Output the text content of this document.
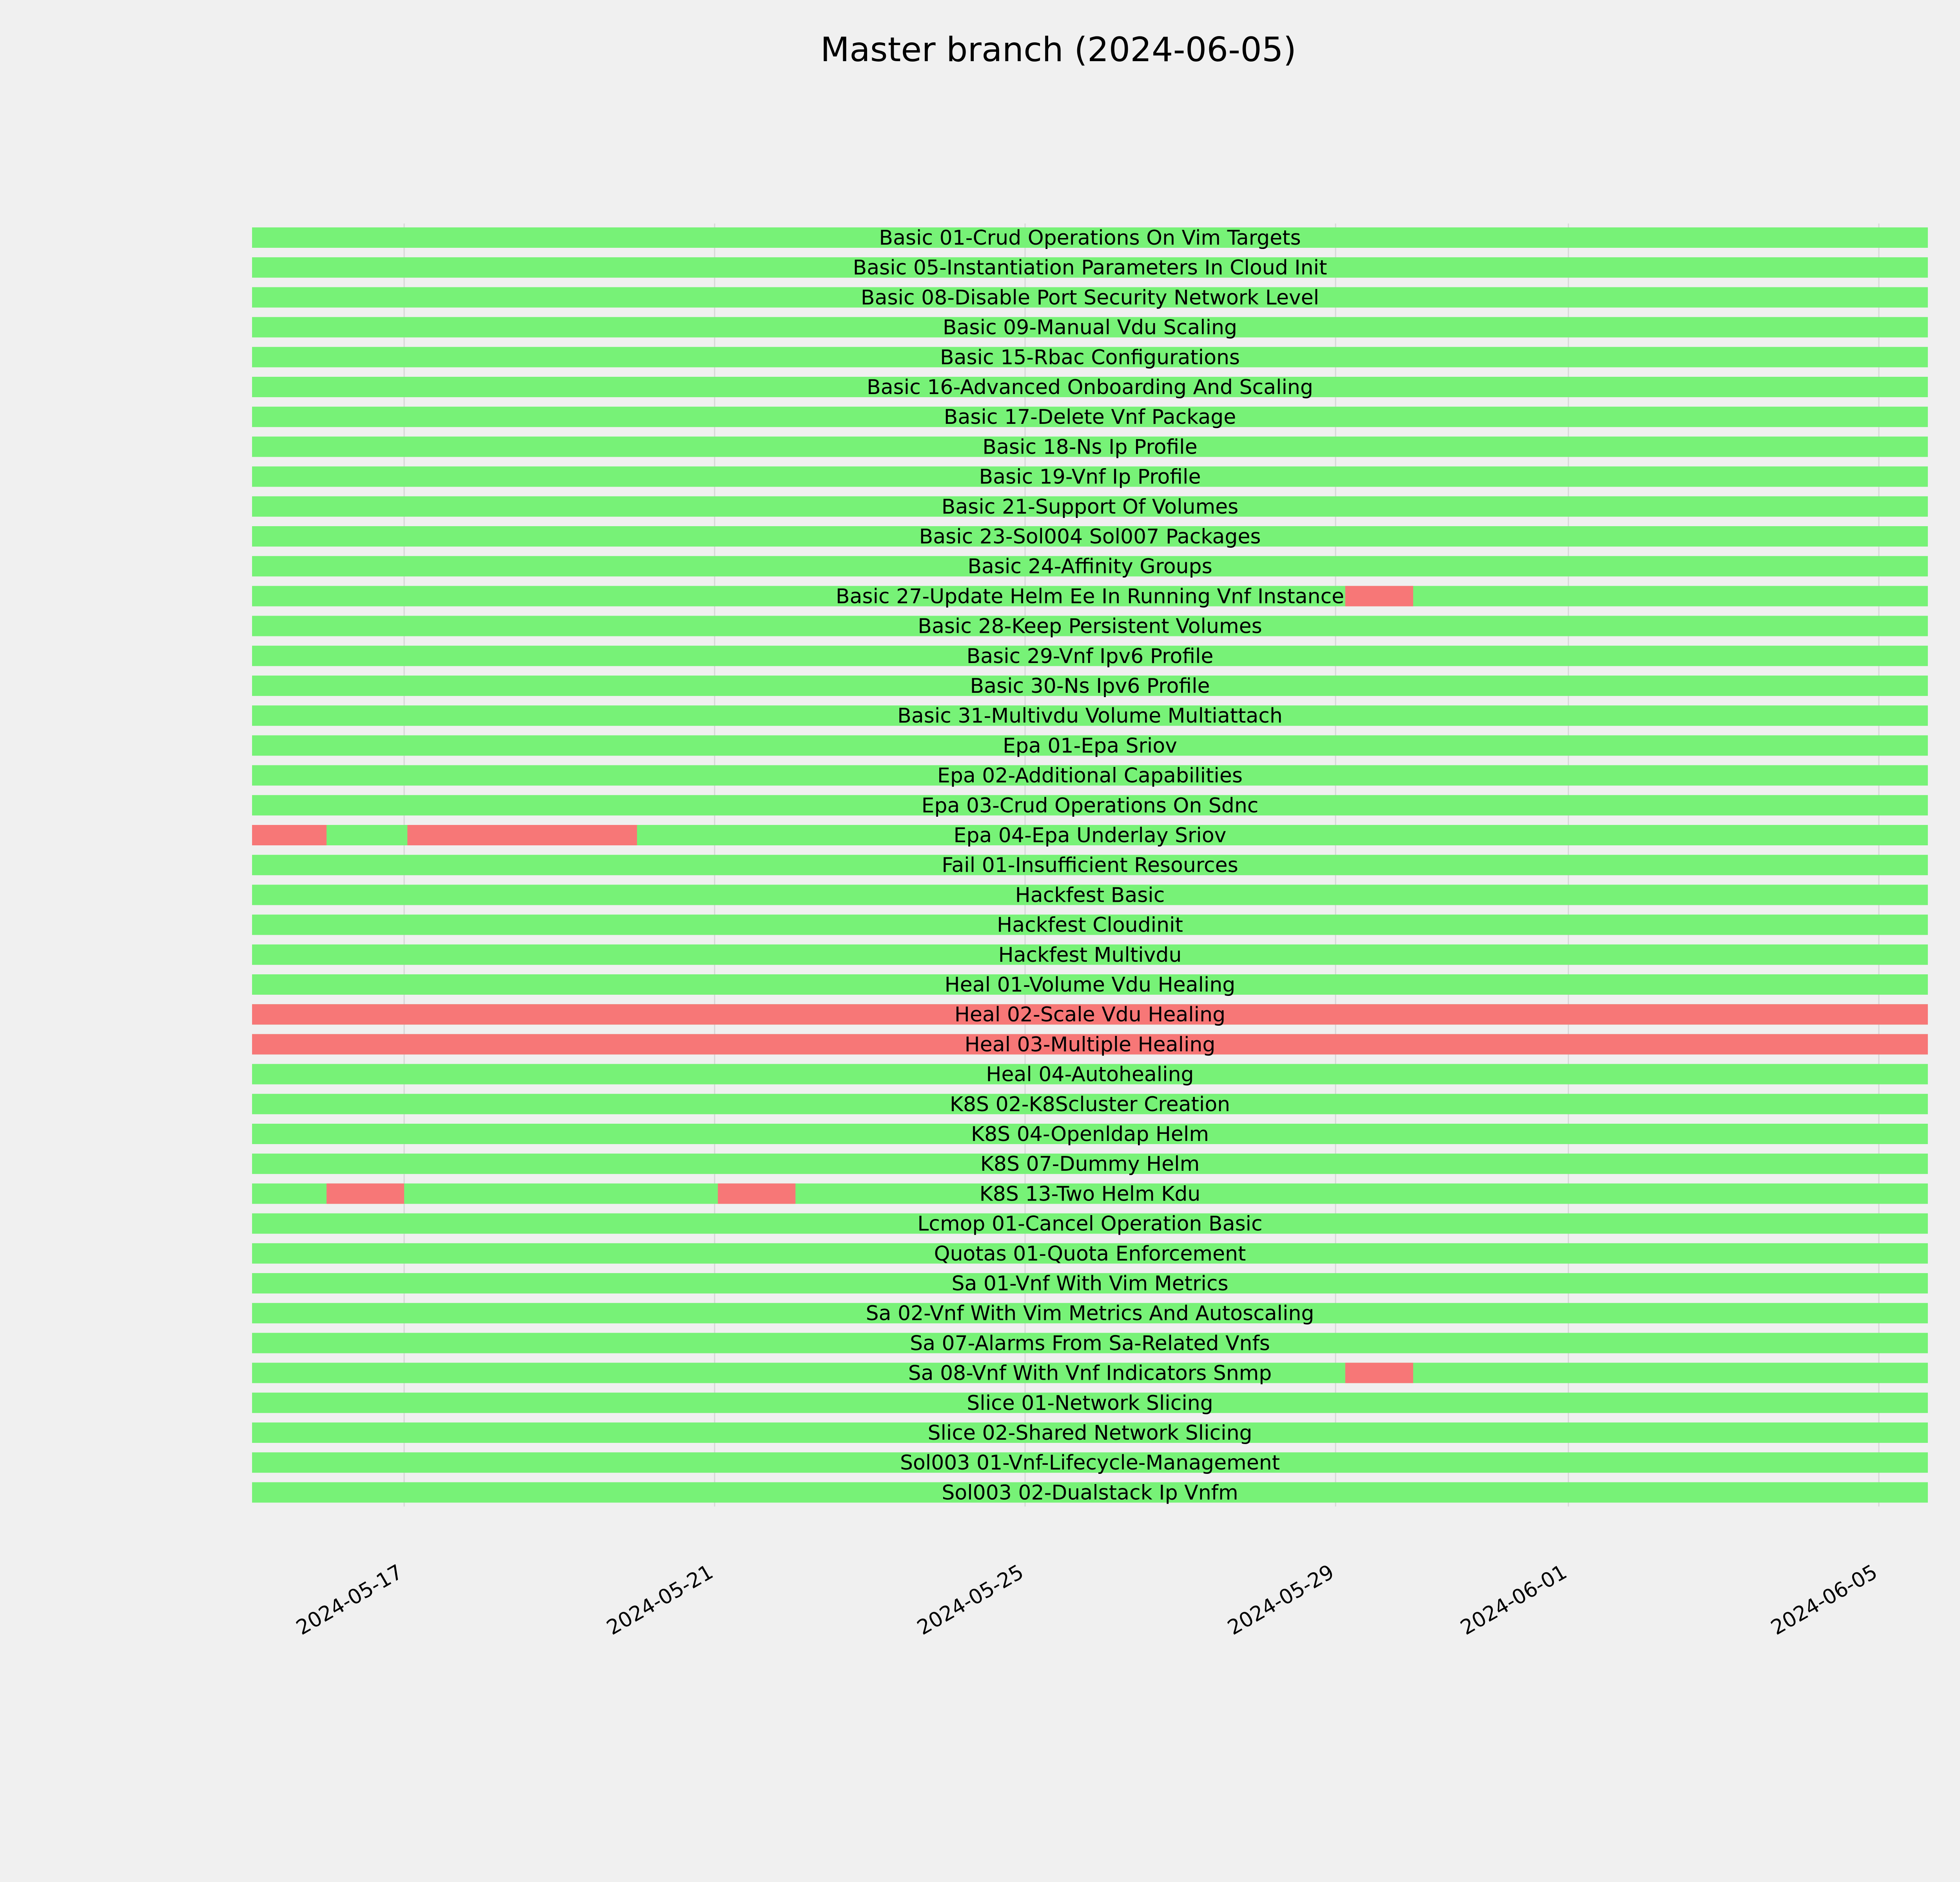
Master branch (2024-06-05)
Basic 01-Crud Operations On Vim Targets
Basic 05-Instantiation Parameters In Cloud Init
Basic 08-Disable Port Security Network Level
Basic 09-Manual Vdu Scaling
Basic 15-Rbac Configurations
Basic 16-Advanced Onboarding And Scaling
Basic 17-Delete Vnf Package
Basic 18-Ns Ip Profile
Basic 19-Vnf Ip Profile
Basic 21-Support Of Volumes
Basic 23-Sol004 Sol007 Packages
Basic 24-Affinity Groups
Basic 27-Update Helm Ee In Running Vnf Instance
Basic 28-Keep Persistent Volumes
Basic 29-Vnf Ipv6 Profile
Basic 30-Ns Ipv6 Profile
Basic 31-Multivdu Volume Multiattach
Epa 01-Epa Sriov
Epa 02-Additional Capabilities
Epa 03-Crud Operations On Sdnc
Epa 04-Epa Underlay Sriov
Fail 01-Insufficient Resources
Hackfest Basic
Hackfest Cloudinit
Hackfest Multivdu
Heal 01-Volume Vdu Healing
Heal 02-Scale Vdu Healing
Heal 03-Multiple Healing
Heal 04-Autohealing
K8S 02-K8Scluster Creation
K8S 04-Openldap Helm
K8S 07-Dummy Helm
K8S 13-Two Helm Kdu
Lcmop 01-Cancel Operation Basic
Quotas 01-Quota Enforcement
Sa 01-Vnf With Vim Metrics
Sa 02-Vnf With Vim Metrics And Autoscaling
Sa 07-Alarms From Sa-Related Vnfs
Sa 08-Vnf With Vnf Indicators Snmp
Slice 01-Network Slicing
Slice 02-Shared Network Slicing
Sol003 01-Vnf-Lifecycle-Management
Sol003 02-Dualstack Ip Vnfm
2024-05-17	2024-05-21	2024-05-25	2024-05-29	2024-06-01	2024-06-05
